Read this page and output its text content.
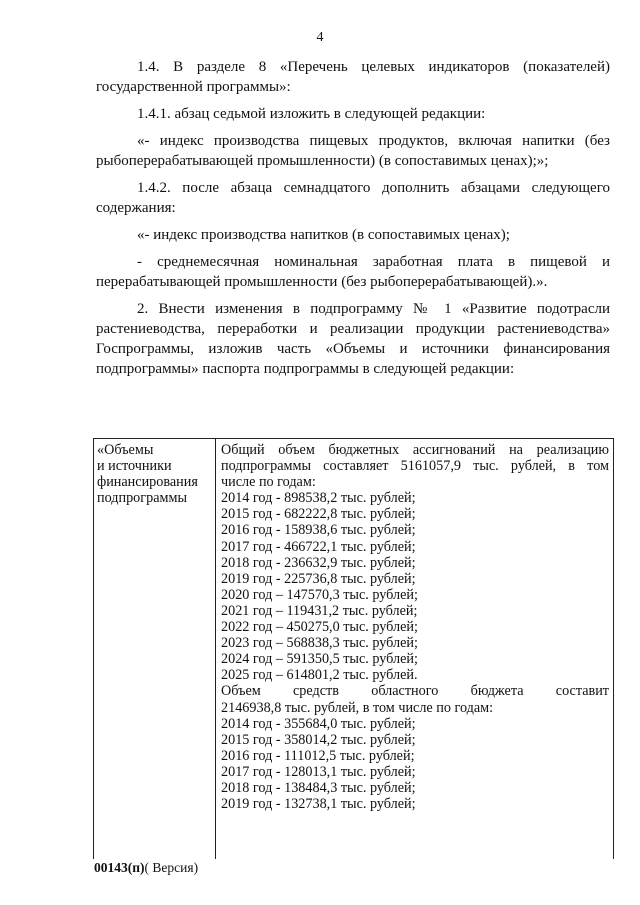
4

1.4. В разделе 8 «Перечень целевых индикаторов (показателей) государственной программы»:

1.4.1. абзац седьмой изложить в следующей редакции:

«- индекс производства пищевых продуктов, включая напитки (без рыбоперерабатывающей промышленности) (в сопоставимых ценах);»;

1.4.2. после абзаца семнадцатого дополнить абзацами следующего содержания:

«- индекс производства напитков (в сопоставимых ценах);

- среднемесячная номинальная заработная плата в пищевой и перерабатывающей промышленности (без рыбоперерабатывающей).».

2. Внести изменения в подпрограмму № 1 «Развитие подотрасли растениеводства, переработки и реализации продукции растениеводства» Госпрограммы, изложив часть «Объемы и источники финансирования подпрограммы» паспорта подпрограммы в следующей редакции:

«Объемы
и источники
финансирования
подпрограммы
Общий объем бюджетных ассигнований на реализацию
подпрограммы составляет 5161057,9 тыс. рублей, в том
числе по годам:
2014 год - 898538,2 тыс. рублей;
2015 год - 682222,8 тыс. рублей;
2016 год - 158938,6 тыс. рублей;
2017 год - 466722,1 тыс. рублей;
2018 год - 236632,9 тыс. рублей;
2019 год - 225736,8 тыс. рублей;
2020 год – 147570,3 тыс. рублей;
2021 год – 119431,2 тыс. рублей;
2022 год – 450275,0 тыс. рублей;
2023 год – 568838,3 тыс. рублей;
2024 год – 591350,5 тыс. рублей;
2025 год – 614801,2 тыс. рублей.
Объем средств областного бюджета составит
2146938,8 тыс. рублей, в том числе по годам:
2014 год - 355684,0 тыс. рублей;
2015 год - 358014,2 тыс. рублей;
2016 год - 111012,5 тыс. рублей;
2017 год - 128013,1 тыс. рублей;
2018 год - 138484,3 тыс. рублей;
2019 год - 132738,1 тыс. рублей;
00143(п)( Версия)
